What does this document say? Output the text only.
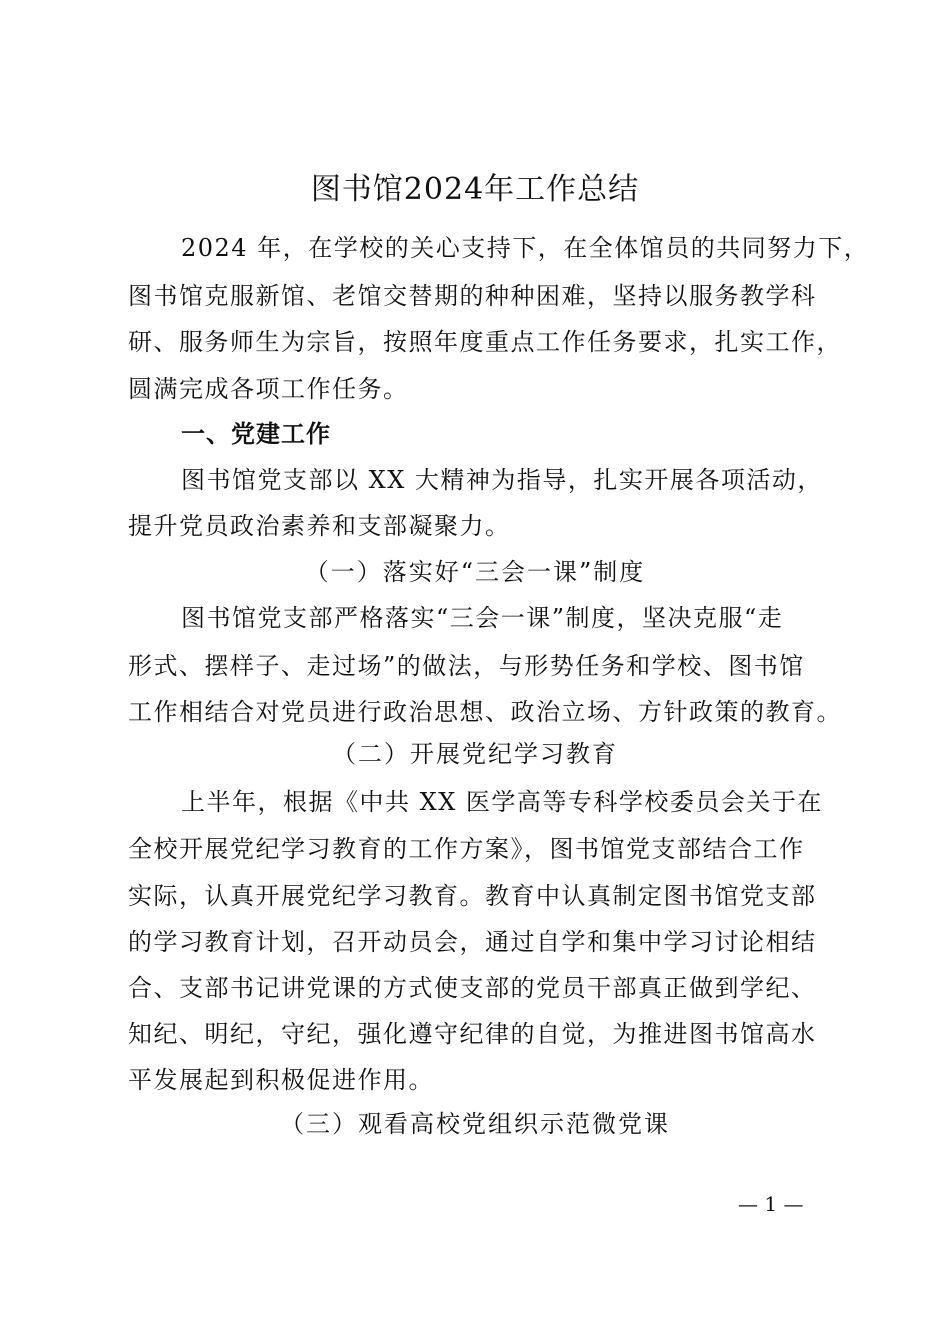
图书馆2024年工作总结
2024 年，在学校的关心支持下，在全体馆员的共同努力下，
图书馆克服新馆、老馆交替期的种种困难，坚持以服务教学科
研、服务师生为宗旨，按照年度重点工作任务要求，扎实工作，
圆满完成各项工作任务。
一、党建工作
图书馆党支部以 XX 大精神为指导，扎实开展各项活动，
提升党员政治素养和支部凝聚力。
（一）落实好“三会一课”制度
图书馆党支部严格落实“三会一课”制度，坚决克服“走
形式、摆样子、走过场”的做法，与形势任务和学校、图书馆
工作相结合对党员进行政治思想、政治立场、方针政策的教育。
（二）开展党纪学习教育
上半年，根据《中共 XX 医学高等专科学校委员会关于在
全校开展党纪学习教育的工作方案》，图书馆党支部结合工作
实际，认真开展党纪学习教育。教育中认真制定图书馆党支部
的学习教育计划，召开动员会，通过自学和集中学习讨论相结
合、支部书记讲党课的方式使支部的党员干部真正做到学纪、
知纪、明纪，守纪，强化遵守纪律的自觉，为推进图书馆高水
平发展起到积极促进作用。
（三）观看高校党组织示范微党课
— 1 —
